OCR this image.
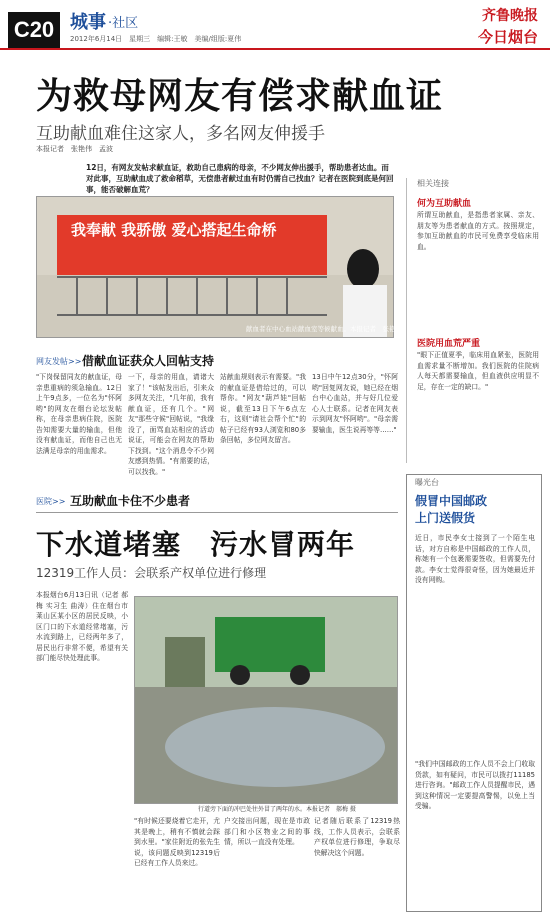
C20 城事 ·社区
2012年6月14日　星期三　编辑:王敏　美编/组版:夏伟
齐鲁晚报
今日烟台
为救母网友有偿求献血证
互助献血难住这家人，多名网友伸援手
本报记者　张艳伟　孟波
12日，有网友发帖求献血证，救助自己患病的母亲，不少网友伸出援手，帮助患者达血。而对此事，互助献血成了救命稻草，无偿患者献过血有时仍需自己找血？记者在医院到底是何回事，能否破解血荒？
我奉献 我骄傲 爱心搭起生命桥
献血者在中心血站献血室等候献血。本报记者　张艳伟　摄
网友发帖>> 借献血证获众人回帖支持
"下岗保留同友的献血证，母亲患重病的须急输血。12日上午9点多，一位名为"怀阿哟"的网友在烟台论坛发帖称，在母亲患病住院，医院告知需要大量的输血，但他没有献血证，而他自己也无法满足母亲的用血需求。
一下，母亲的用血，请诸大家了！"该帖发出后，引来众多网友关注，"几年前，我有献血证，还有几个。"网友"那些守候"回帖说，"我缘没了，面骂血站相应的活动说证，可能会在网友的帮助下找到。"这个消息令不少网友感到热情。"有需要的话，可以找我。"
站献血规则表示有需要。"我的献血证是借给过的，可以帮你。"网友"葫芦娃"回帖说，截至13日下午6点左右，这则"请社会帮个忙"的帖子已经有93人浏览和80多条回帖，多位网友留言。
13日中午12点30分，"怀阿哟"回复网友说，她已经在烟台中心血站，并与好几位爱心人士联系。记者在网友表示到网友"怀阿哟"。"母亲需要输血，医生说再等等……"
医院>> 互助献血卡住不少患者
相关连接
何为互助献血
所谓互助献血，是指患者家属、亲友、朋友等为患者献血的方式。按照规定，参加互助献血的市民可免费享受临床用血。
医院用血荒严重
"眼下正值夏季，临床用血紧张，医院用血需求量不断增加。我们医院的住院病人每天都需要输血，但血液供应明显不足，存在一定的缺口。"
下水道堵塞　污水冒两年
12319工作人员：会联系产权单位进行修理
本报烟台6月13日讯（记者 郝梅 实习生 曲涛）住在烟台市莱山区某小区的居民反映，小区门口的下水道经常堵塞，污水流到路上，已经两年多了，居民出行非常不便，希望有关部门能尽快处理此事。
行道旁下面的冲巴处往外冒了两年的水。本报记者　郝梅 摄
"有时候还要烧着它走开，尤其是晚上，稍有不慎就会踩到水里。"家住附近的张先生说，该问题反映到12319后已经有工作人员来过。
户交接出问题，现在是市政部门和小区物业之间的事情，所以一直没有处理。
记者随后联系了12319热线，工作人员表示，会联系产权单位进行修理，争取尽快解决这个问题。
曝光台
假冒中国邮政
上门送假货
近日，市民李女士接到了一个陌生电话，对方自称是中国邮政的工作人员，称她有一个包裹需要签收，但需要先付款。李女士觉得很奇怪，因为她最近并没有网购。
"我们中国邮政的工作人员不会上门收取货款，如有疑问，市民可以拨打11185进行咨询。"邮政工作人员提醒市民，遇到这种情况一定要提高警惕，以免上当受骗。
